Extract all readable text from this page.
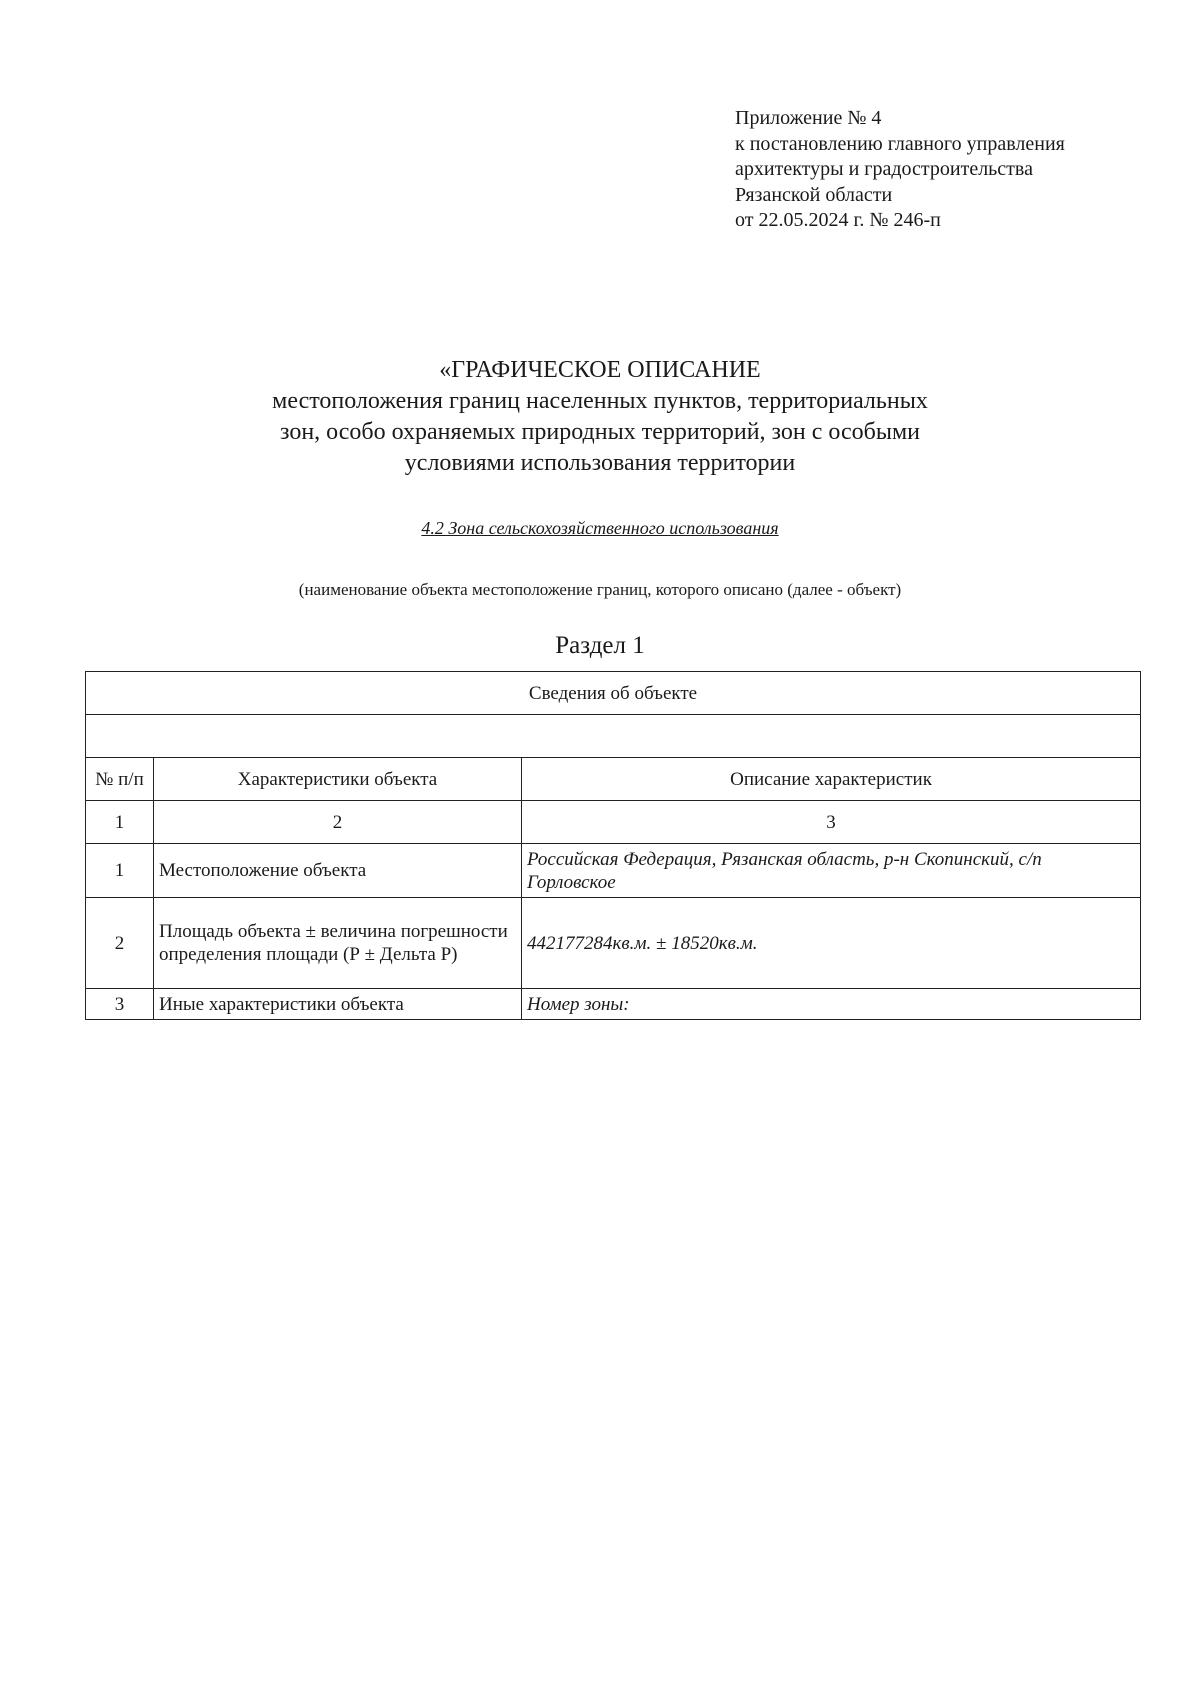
Приложение № 4
к постановлению главного управления
архитектуры и градостроительства
Рязанской области
от 22.05.2024 г. № 246-п
«ГРАФИЧЕСКОЕ ОПИСАНИЕ
местоположения границ населенных пунктов, территориальных
зон, особо охраняемых природных территорий, зон с особыми
условиями использования территории
4.2 Зона сельскохозяйственного использования
(наименование объекта местоположение границ, которого описано (далее - объект)
Раздел 1
Сведения об объекте		

№ п/п	Характеристики объекта	Описание характеристик
1	2	3
1	Местоположение объекта	Российская Федерация, Рязанская область, р-н Скопинский, с/п Горловское
2	Площадь объекта ± величина погрешности определения площади (Р ± Дельта Р)	442177284кв.м. ± 18520кв.м.
3	Иные характеристики объекта	Номер зоны:
